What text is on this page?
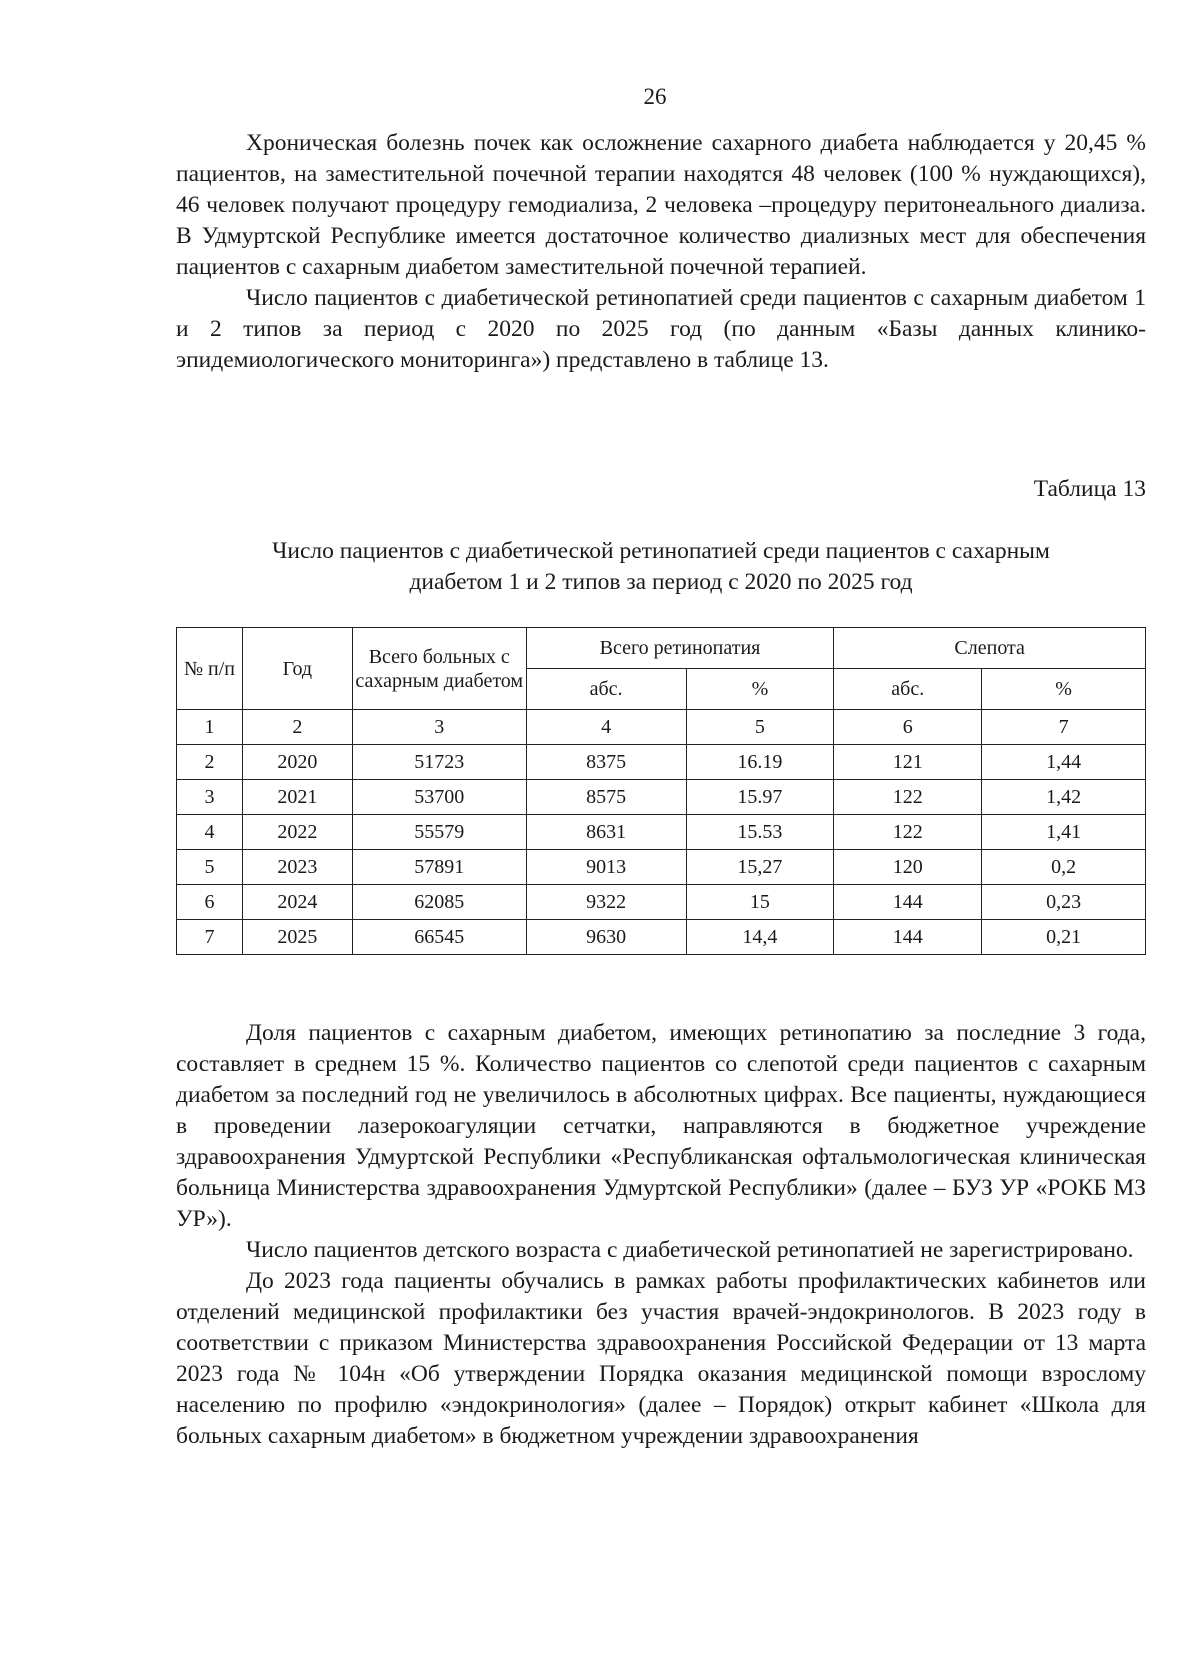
26

Хроническая болезнь почек как осложнение сахарного диабета наблюдается у 20,45 % пациентов, на заместительной почечной терапии находятся 48 человек (100 % нуждающихся), 46 человек получают процедуру гемодиализа, 2 человека –процедуру перитонеального диализа. В Удмуртской Республике имеется достаточное количество диализных мест для обеспечения пациентов с сахарным диабетом заместительной почечной терапией.

Число пациентов с диабетической ретинопатией среди пациентов с сахарным диабетом 1 и 2 типов за период с 2020 по 2025 год (по данным «Базы данных клинико-эпидемиологического мониторинга») представлено в таблице 13.

Таблица 13
Число пациентов с диабетической ретинопатией среди пациентов с сахарным
диабетом 1 и 2 типов за период с 2020 по 2025 год
№ п/п	Год	Всего больных с сахарным диабетом	Всего ретинопатия		Слепота	
			абс.	%	абс.	%
1	2	3	4	5	6	7
2	2020	51723	8375	16.19	121	1,44
3	2021	53700	8575	15.97	122	1,42
4	2022	55579	8631	15.53	122	1,41
5	2023	57891	9013	15,27	120	0,2
6	2024	62085	9322	15	144	0,23
7	2025	66545	9630	14,4	144	0,21

Доля пациентов с сахарным диабетом, имеющих ретинопатию за последние 3 года, составляет в среднем 15 %. Количество пациентов со слепотой среди пациентов с сахарным диабетом за последний год не увеличилось в абсолютных цифрах. Все пациенты, нуждающиеся в проведении лазерокоагуляции сетчатки, направляются в бюджетное учреждение здравоохранения Удмуртской Республики «Республиканская офтальмологическая клиническая больница Министерства здравоохранения Удмуртской Республики» (далее – БУЗ УР «РОКБ МЗ УР»).

Число пациентов детского возраста с диабетической ретинопатией не зарегистрировано.

До 2023 года пациенты обучались в рамках работы профилактических кабинетов или отделений медицинской профилактики без участия врачей-эндокринологов. В 2023 году в соответствии с приказом Министерства здравоохранения Российской Федерации от 13 марта 2023 года № 104н «Об утверждении Порядка оказания медицинской помощи взрослому населению по профилю «эндокринология» (далее – Порядок) открыт кабинет «Школа для больных сахарным диабетом» в бюджетном учреждении здравоохранения
